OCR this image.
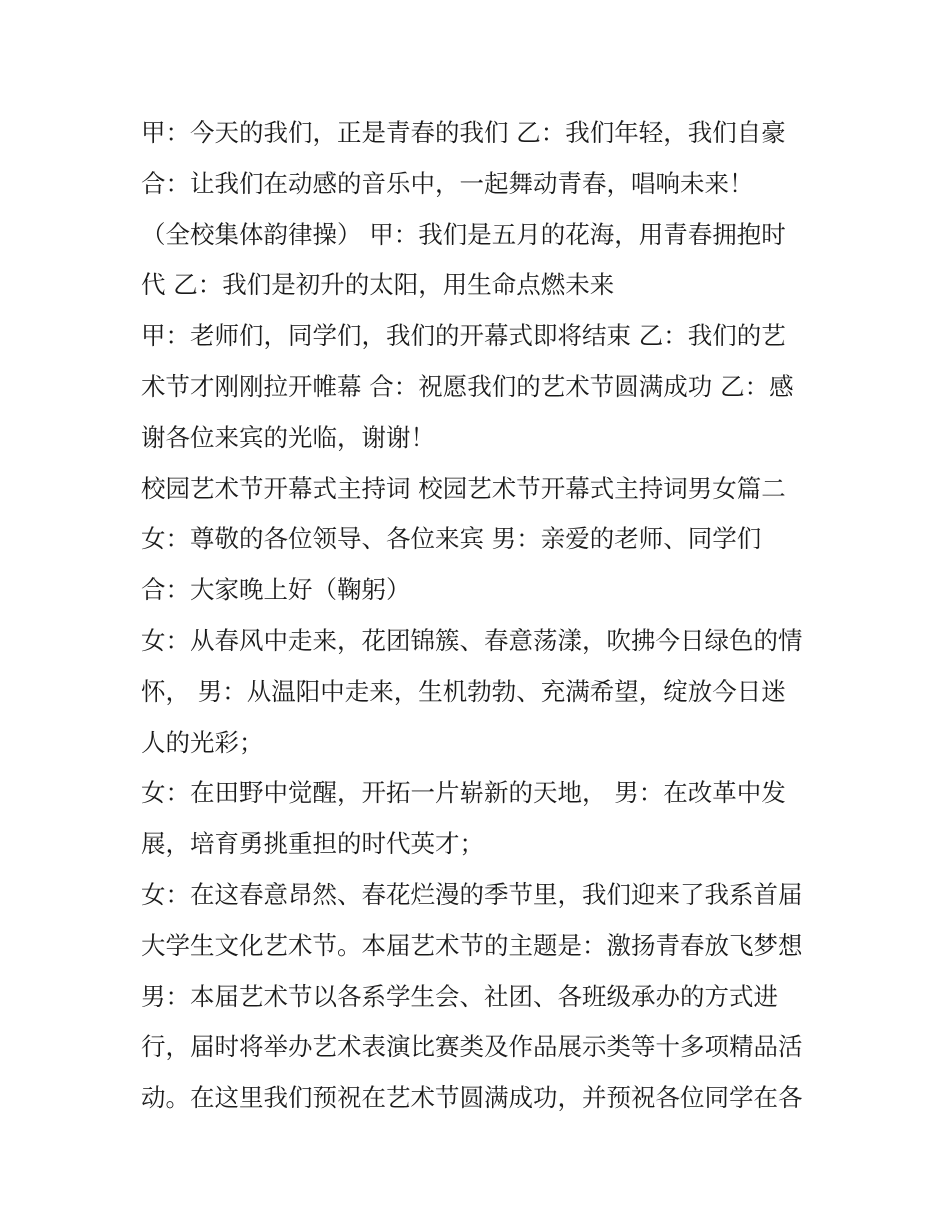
甲：今天的我们，正是青春的我们 乙：我们年轻，我们自豪
合：让我们在动感的音乐中，一起舞动青春，唱响未来！
（全校集体韵律操） 甲：我们是五月的花海，用青春拥抱时
代 乙：我们是初升的太阳，用生命点燃未来
甲：老师们，同学们，我们的开幕式即将结束 乙：我们的艺
术节才刚刚拉开帷幕 合：祝愿我们的艺术节圆满成功 乙：感
谢各位来宾的光临，谢谢！
校园艺术节开幕式主持词 校园艺术节开幕式主持词男女篇二
女：尊敬的各位领导、各位来宾 男：亲爱的老师、同学们
合：大家晚上好（鞠躬）
女：从春风中走来，花团锦簇、春意荡漾，吹拂今日绿色的情
怀， 男：从温阳中走来，生机勃勃、充满希望，绽放今日迷
人的光彩；
女：在田野中觉醒，开拓一片崭新的天地， 男：在改革中发
展，培育勇挑重担的时代英才；
女：在这春意昂然、春花烂漫的季节里，我们迎来了我系首届
大学生文化艺术节。本届艺术节的主题是：激扬青春放飞梦想
男：本届艺术节以各系学生会、社团、各班级承办的方式进
行，届时将举办艺术表演比赛类及作品展示类等十多项精品活
动。在这里我们预祝在艺术节圆满成功，并预祝各位同学在各
